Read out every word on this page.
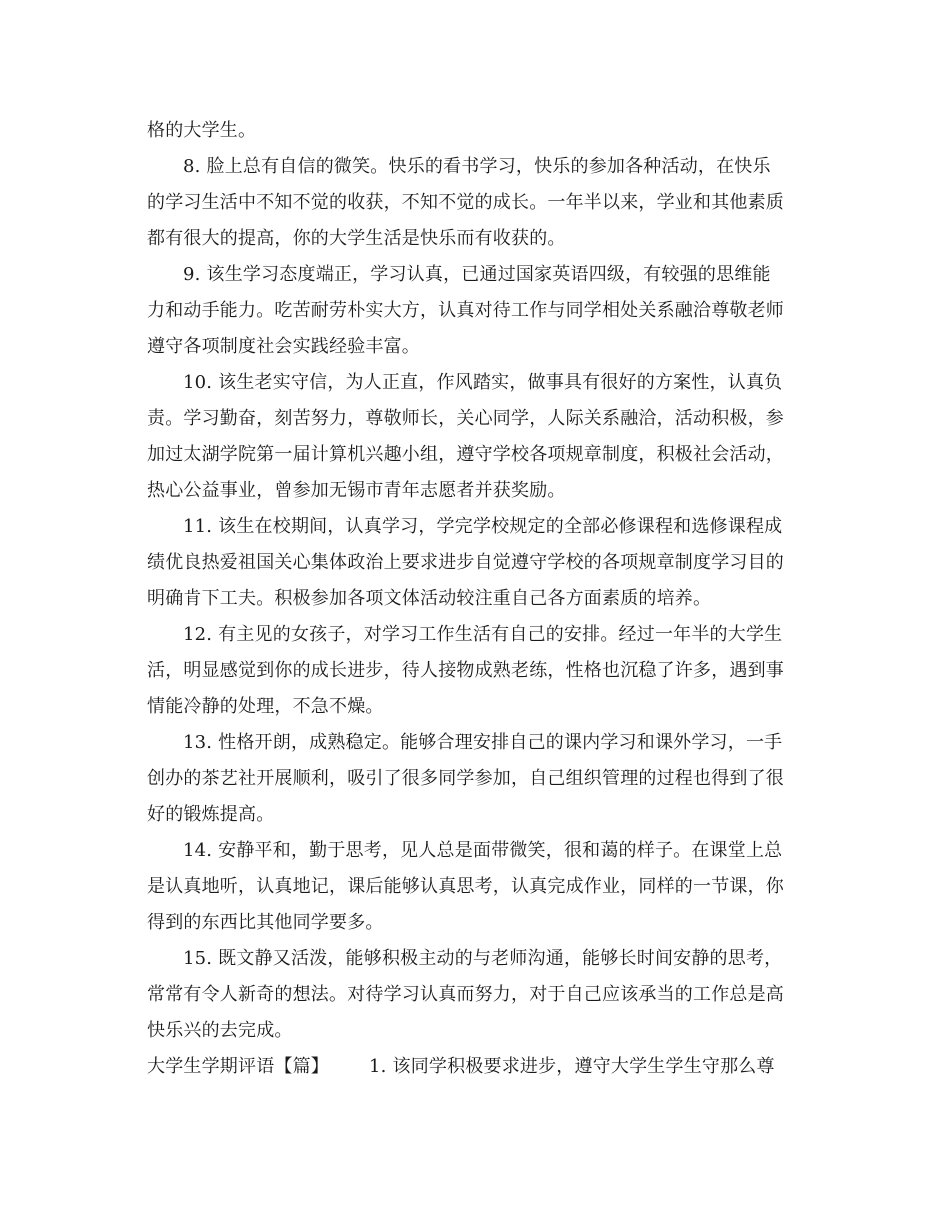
格的大学生。
8. 脸上总有自信的微笑。快乐的看书学习，快乐的参加各种活动，在快乐
的学习生活中不知不觉的收获，不知不觉的成长。一年半以来，学业和其他素质
都有很大的提高，你的大学生活是快乐而有收获的。
9. 该生学习态度端正，学习认真，已通过国家英语四级，有较强的思维能
力和动手能力。吃苦耐劳朴实大方，认真对待工作与同学相处关系融洽尊敬老师
遵守各项制度社会实践经验丰富。
10. 该生老实守信，为人正直，作风踏实，做事具有很好的方案性，认真负
责。学习勤奋，刻苦努力，尊敬师长，关心同学，人际关系融洽，活动积极，参
加过太湖学院第一届计算机兴趣小组，遵守学校各项规章制度，积极社会活动，
热心公益事业，曾参加无锡市青年志愿者并获奖励。
11. 该生在校期间，认真学习，学完学校规定的全部必修课程和选修课程成
绩优良热爱祖国关心集体政治上要求进步自觉遵守学校的各项规章制度学习目的
明确肯下工夫。积极参加各项文体活动较注重自己各方面素质的培养。
12. 有主见的女孩子，对学习工作生活有自己的安排。经过一年半的大学生
活，明显感觉到你的成长进步，待人接物成熟老练，性格也沉稳了许多，遇到事
情能冷静的处理，不急不燥。
13. 性格开朗，成熟稳定。能够合理安排自己的课内学习和课外学习，一手
创办的茶艺社开展顺利，吸引了很多同学参加，自己组织管理的过程也得到了很
好的锻炼提高。
14. 安静平和，勤于思考，见人总是面带微笑，很和蔼的样子。在课堂上总
是认真地听，认真地记，课后能够认真思考，认真完成作业，同样的一节课，你
得到的东西比其他同学要多。
15. 既文静又活泼，能够积极主动的与老师沟通，能够长时间安静的思考，
常常有令人新奇的想法。对待学习认真而努力，对于自己应该承当的工作总是高
快乐兴的去完成。
大学生学期评语【篇】	1. 该同学积极要求进步，遵守大学生学生守那么尊
